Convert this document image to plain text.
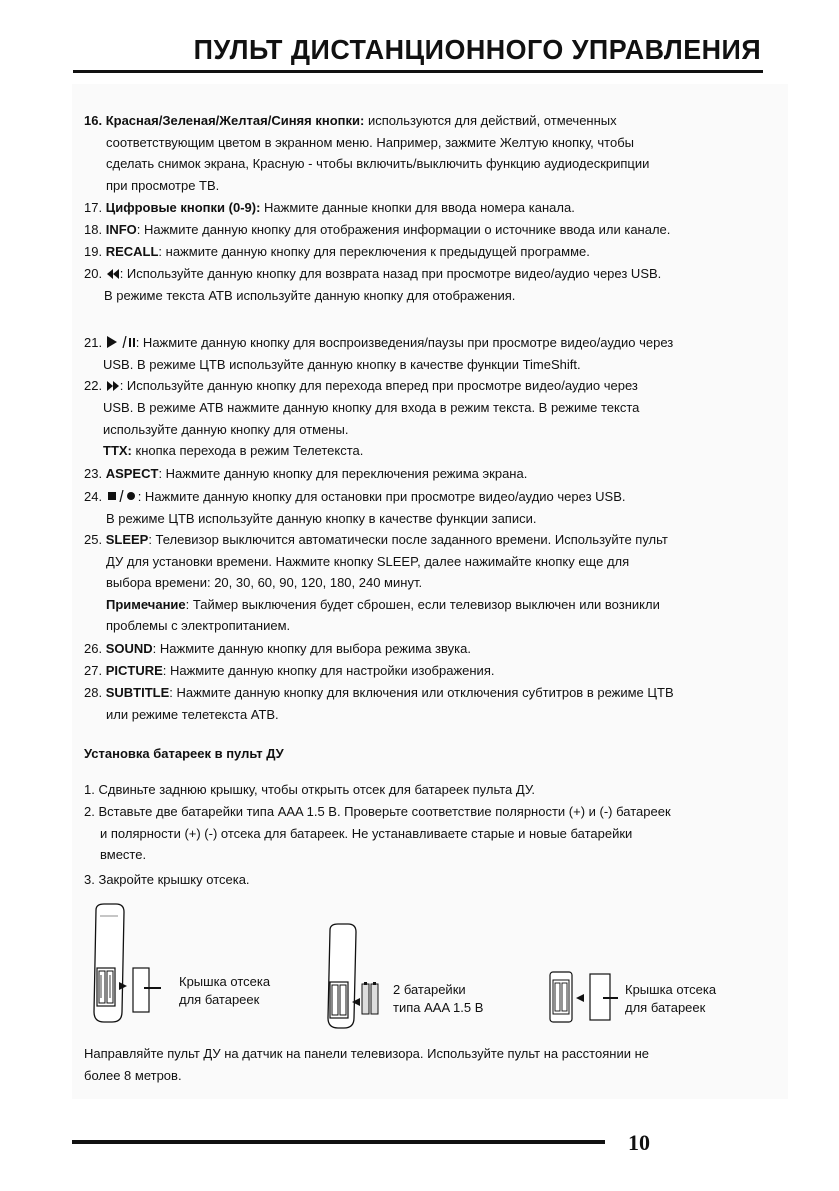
ПУЛЬТ ДИСТАНЦИОННОГО УПРАВЛЕНИЯ
16. Красная/Зеленая/Желтая/Синяя кнопки: используются для действий, отмеченных
соответствующим цветом в экранном меню. Например, зажмите Желтую кнопку, чтобы
сделать снимок экрана, Красную - чтобы включить/выключить функцию аудиодескрипции
при просмотре ТВ.
17. Цифровые кнопки (0-9): Нажмите данные кнопки для ввода номера канала.
18. INFO: Нажмите данную кнопку для отображения информации о источнике ввода или канале.
19. RECALL: нажмите данную кнопку для переключения к предыдущей программе.
20. : Используйте данную кнопку для возврата назад при просмотре видео/аудио через USB.
В режиме текста АТВ используйте данную кнопку для отображения.
21.	: Нажмите данную кнопку для воспроизведения/паузы при просмотре видео/аудио через
USB. В режиме ЦТВ используйте данную кнопку в качестве функции TimeShift.
22. : Используйте данную кнопку для перехода вперед при просмотре видео/аудио через
USB. В режиме АТВ нажмите данную кнопку для входа в режим текста. В режиме текста
используйте данную кнопку для отмены.
TTX: кнопка перехода в режим Телетекста.
23. ASPECT: Нажмите данную кнопку для переключения режима экрана.
24.	: Нажмите данную кнопку для остановки при просмотре видео/аудио через USB.
В режиме ЦТВ используйте данную кнопку в качестве функции записи.
25. SLEEP: Телевизор выключится автоматически после заданного времени. Используйте пульт
ДУ для установки времени. Нажмите кнопку SLEEP, далее нажимайте кнопку еще для
выбора времени: 20, 30, 60, 90, 120, 180, 240 минут.
Примечание: Таймер выключения будет сброшен, если телевизор выключен или возникли
проблемы с электропитанием.
26. SOUND: Нажмите данную кнопку для выбора режима звука.
27. PICTURE: Нажмите данную кнопку для настройки изображения.
28. SUBTITLE: Нажмите данную кнопку для включения или отключения субтитров в режиме ЦТВ
или режиме телетекста АТВ.
Установка батареек в пульт ДУ
1. Сдвиньте заднюю крышку, чтобы открыть отсек для батареек пульта ДУ.
2. Вставьте две батарейки типа AAA 1.5 В. Проверьте соответствие полярности (+) и (-) батареек
и полярности (+) (-) отсека для батареек. Не устанавливаете старые и новые батарейки
вместе.
3. Закройте крышку отсека.
Крышка отсека
для батареек
2 батарейки
типа AAA 1.5 В
Крышка отсека
для батареек
Направляйте пульт ДУ на датчик на панели телевизора. Используйте пульт на расстоянии не
более 8 метров.
10
